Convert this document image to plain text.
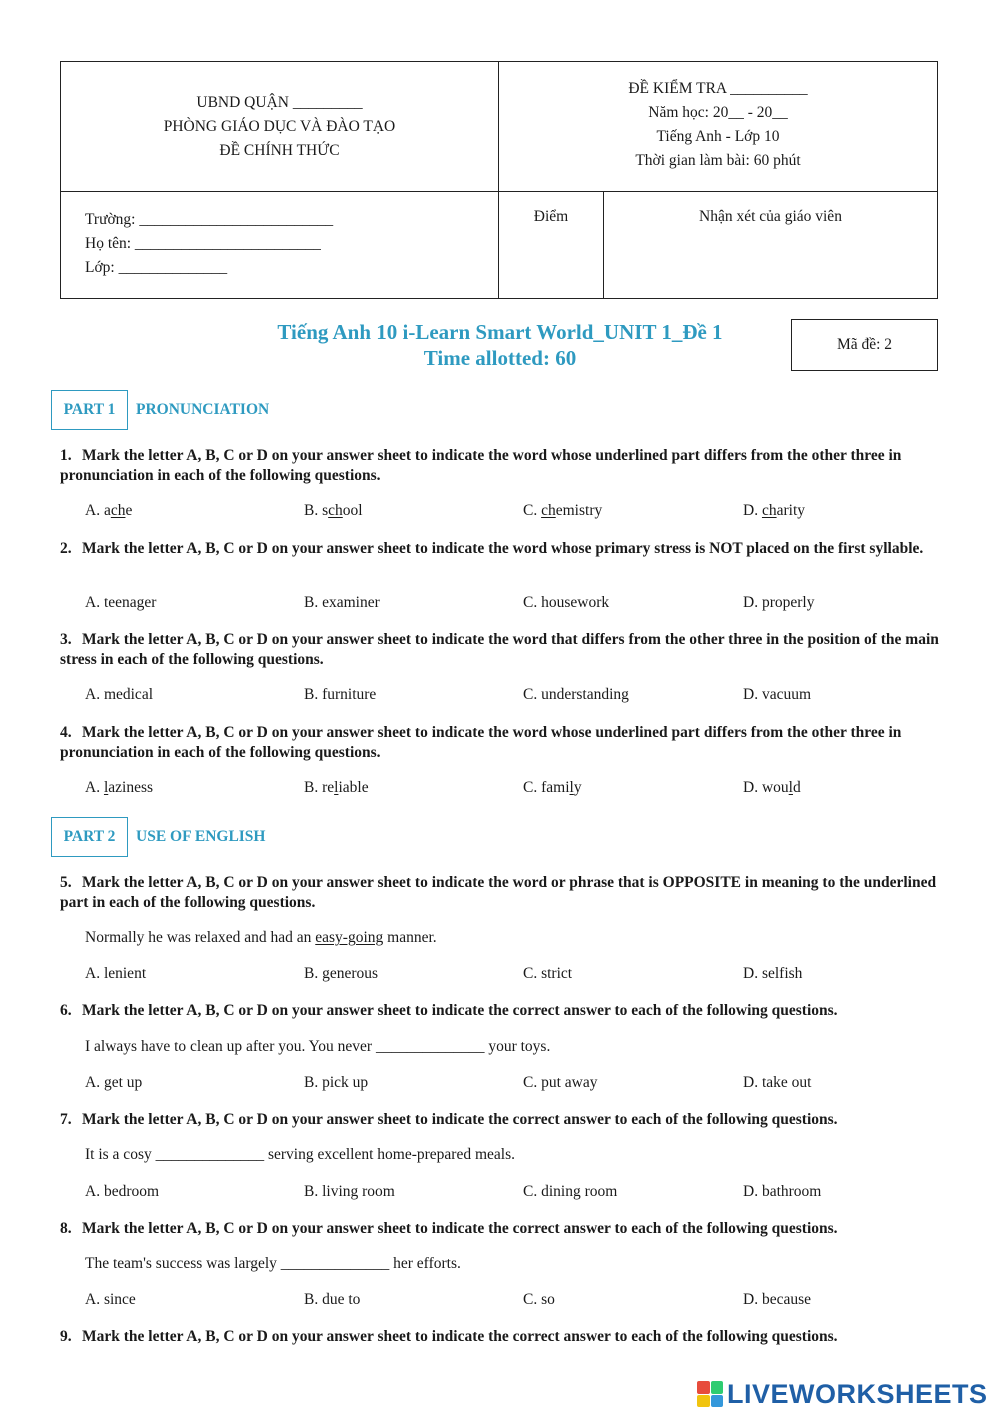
UBND QUẬN _________
PHÒNG GIÁO DỤC VÀ ĐÀO TẠO
ĐỀ CHÍNH THỨC
ĐỀ KIỂM TRA __________
Năm học: 20__ - 20__
Tiếng Anh - Lớp 10
Thời gian làm bài: 60 phút
Trường: _________________________
Họ tên: ________________________
Lớp: ______________
Điểm	Nhận xét của giáo viên
Tiếng Anh 10 i-Learn Smart World_UNIT 1_Đề 1
Time allotted: 60
Mã đề: 2
PART 1	PRONUNCIATION
1. Mark the letter A, B, C or D on your answer sheet to indicate the word whose underlined part differs from the other three in pronunciation in each of the following questions.
A. ache	B. school	C. chemistry	D. charity
2. Mark the letter A, B, C or D on your answer sheet to indicate the word whose primary stress is NOT placed on the first syllable.
A. teenager	B. examiner	C. housework	D. properly
3. Mark the letter A, B, C or D on your answer sheet to indicate the word that differs from the other three in the position of the main stress in each of the following questions.
A. medical	B. furniture	C. understanding	D. vacuum
4. Mark the letter A, B, C or D on your answer sheet to indicate the word whose underlined part differs from the other three in pronunciation in each of the following questions.
A. laziness	B. reliable	C. family	D. would
PART 2	USE OF ENGLISH
5. Mark the letter A, B, C or D on your answer sheet to indicate the word or phrase that is OPPOSITE in meaning to the underlined part in each of the following questions.
Normally he was relaxed and had an easy-going manner.
A. lenient	B. generous	C. strict	D. selfish
6. Mark the letter A, B, C or D on your answer sheet to indicate the correct answer to each of the following questions.
I always have to clean up after you. You never ______________ your toys.
A. get up	B. pick up	C. put away	D. take out
7. Mark the letter A, B, C or D on your answer sheet to indicate the correct answer to each of the following questions.
It is a cosy ______________ serving excellent home-prepared meals.
A. bedroom	B. living room	C. dining room	D. bathroom
8. Mark the letter A, B, C or D on your answer sheet to indicate the correct answer to each of the following questions.
The team's success was largely ______________ her efforts.
A. since	B. due to	C. so	D. because
9. Mark the letter A, B, C or D on your answer sheet to indicate the correct answer to each of the following questions.
LIVEWORKSHEETS
